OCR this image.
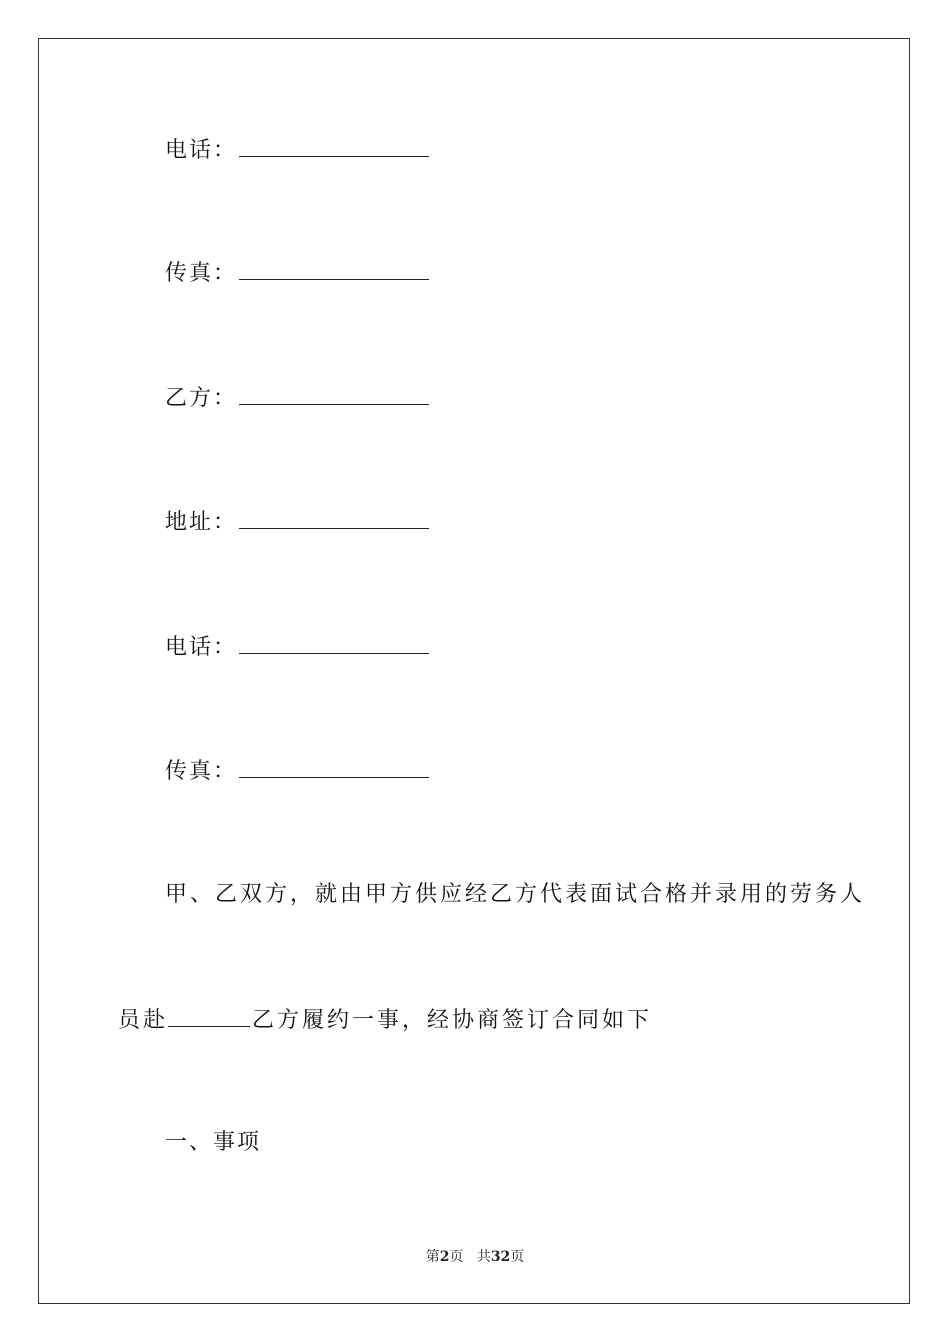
电话：
传真：
乙方：
地址：
电话：
传真：
甲、乙双方，就由甲方供应经乙方代表面试合格并录用的劳务人
员赴	乙方履约一事，经协商签订合同如下
一、事项
第2页 共32页
